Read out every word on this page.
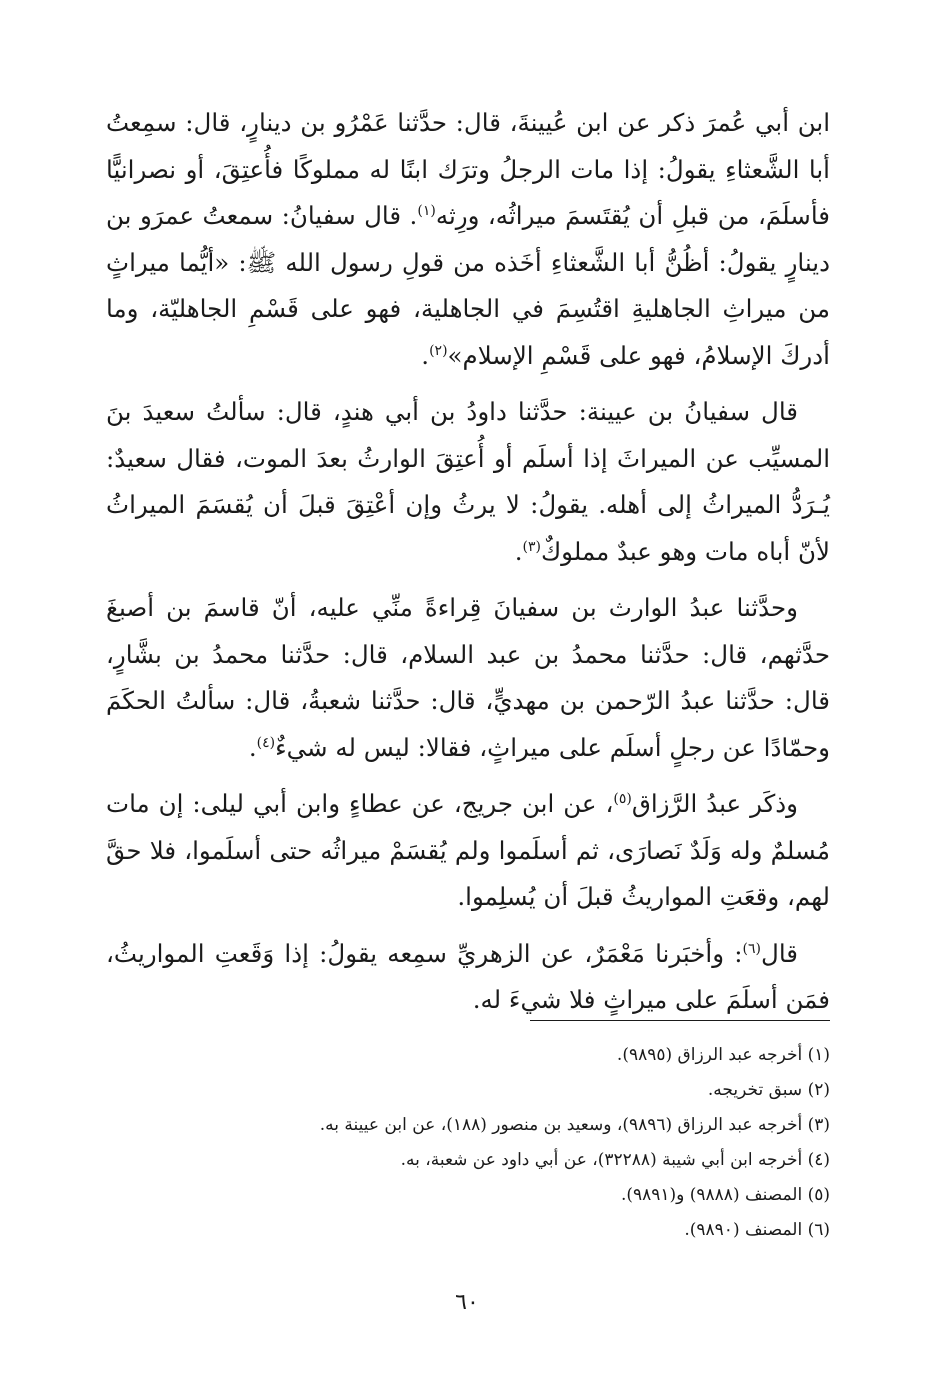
ابن أبي عُمرَ ذكر عن ابن عُيينةَ، قال: حدَّثنا عَمْرُو بن دينارٍ، قال: سمِعتُ أبا الشَّعثاءِ يقولُ: إذا مات الرجلُ وترَك ابنًا له مملوكًا فأُعتِقَ، أو نصرانيًّا فأسلَمَ، من قبلِ أن يُقتَسمَ ميراثُه، ورِثه$^{(١)}$. قال سفيانُ: سمعتُ عمرَو بن دينارٍ يقولُ: أظُنُّ أبا الشَّعثاءِ أخَذه من قولِ رسول الله ﷺ: «أيُّما ميراثٍ من ميراثِ الجاهليةِ اقتُسِمَ في الجاهلية، فهو على قَسْمِ الجاهليّة، وما أدركَ الإسلامُ، فهو على قَسْمِ الإسلام»$^{(٢)}$.

قال سفيانُ بن عيينة: حدَّثنا داودُ بن أبي هندٍ، قال: سألتُ سعيدَ بنَ المسيِّب عن الميراثَ إذا أسلَم أو أُعتِقَ الوارثُ بعدَ الموت، فقال سعيدٌ: يُـرَدُّ الميراثُ إلى أهله. يقولُ: لا يرثُ وإن أعْتِقَ قبلَ أن يُقسَمَ الميراثُ لأنّ أباه مات وهو عبدٌ مملوكٌ$^{(٣)}$.

وحدَّثنا عبدُ الوارث بن سفيانَ قِراءةً منِّي عليه، أنّ قاسمَ بن أصبغَ حدَّثهم، قال: حدَّثنا محمدُ بن عبد السلام، قال: حدَّثنا محمدُ بن بشَّارٍ، قال: حدَّثنا عبدُ الرّحمن بن مهديٍّ، قال: حدَّثنا شعبةُ، قال: سألتُ الحكَمَ وحمّادًا عن رجلٍ أسلَم على ميراثٍ، فقالا: ليس له شيءٌ$^{(٤)}$.

وذكَر عبدُ الرَّزاق$^{(٥)}$، عن ابن جريج، عن عطاءٍ وابن أبي ليلى: إن مات مُسلمٌ وله وَلَدٌ نَصارَى، ثم أسلَموا ولم يُقسَمْ ميراثُه حتى أسلَموا، فلا حقَّ لهم، وقعَتِ المواريثُ قبلَ أن يُسلِموا.

قال$^{(٦)}$: وأخبَرنا مَعْمَرٌ، عن الزهريِّ سمِعه يقولُ: إذا وَقَعتِ المواريثُ، فمَن أسلَمَ على ميراثٍ فلا شيءَ له.

(١) أخرجه عبد الرزاق (٩٨٩٥).
(٢) سبق تخريجه.
(٣) أخرجه عبد الرزاق (٩٨٩٦)، وسعيد بن منصور (١٨٨)، عن ابن عيينة به.
(٤) أخرجه ابن أبي شيبة (٣٢٢٨٨)، عن أبي داود عن شعبة، به.
(٥) المصنف (٩٨٨٨) و(٩٨٩١).
(٦) المصنف (٩٨٩٠).
٦٠
